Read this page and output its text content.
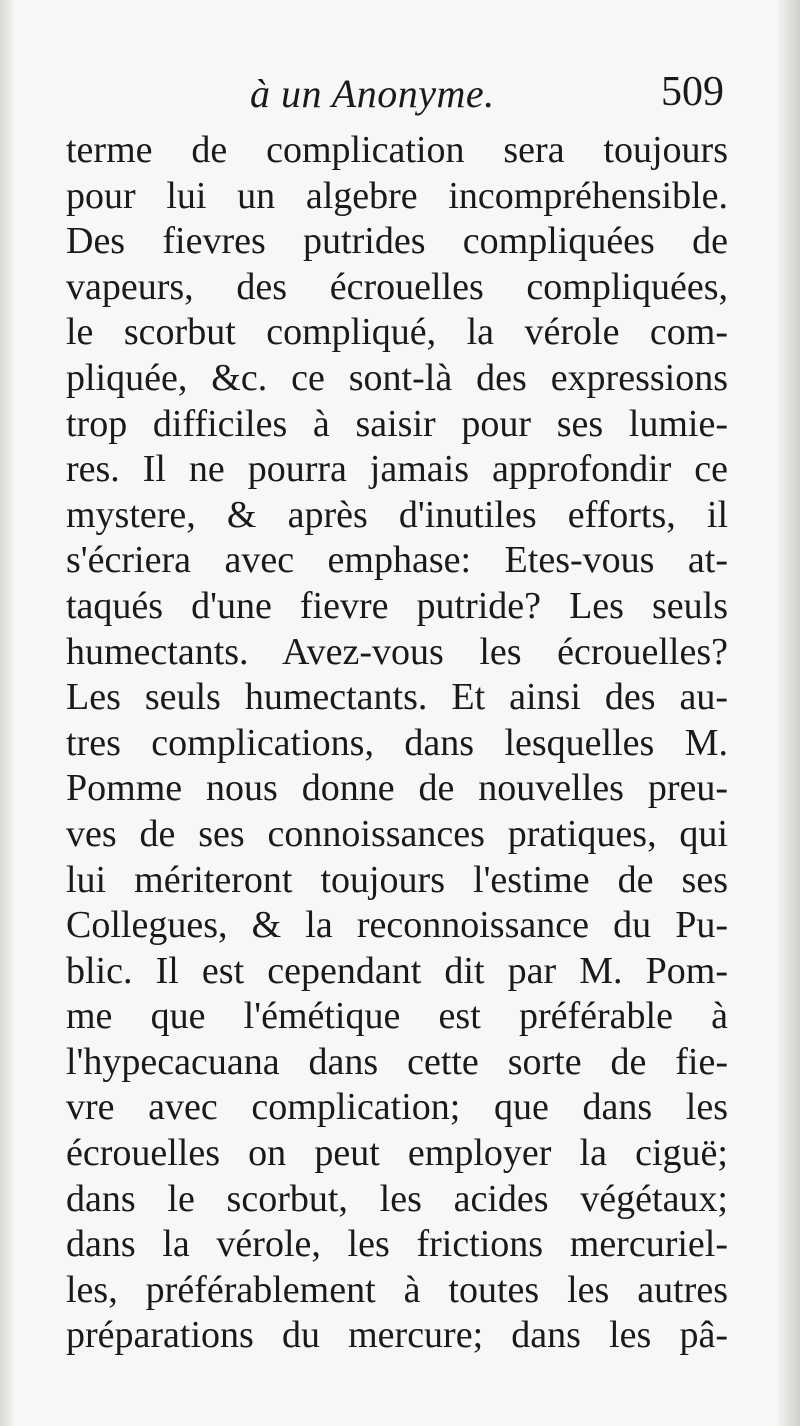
à un Anonyme.	509
terme de complication sera toujours
pour lui un algebre incompréhensible.
Des fievres putrides compliquées de
vapeurs, des écrouelles compliquées,
le scorbut compliqué, la vérole com-
pliquée, &c. ce sont-là des expressions
trop difficiles à saisir pour ses lumie-
res. Il ne pourra jamais approfondir ce
mystere, & après d'inutiles efforts, il
s'écriera avec emphase: Etes-vous at-
taqués d'une fievre putride? Les seuls
humectants. Avez-vous les écrouelles?
Les seuls humectants. Et ainsi des au-
tres complications, dans lesquelles M.
Pomme nous donne de nouvelles preu-
ves de ses connoissances pratiques, qui
lui mériteront toujours l'estime de ses
Collegues, & la reconnoissance du Pu-
blic. Il est cependant dit par M. Pom-
me que l'émétique est préférable à
l'hypecacuana dans cette sorte de fie-
vre avec complication; que dans les
écrouelles on peut employer la ciguë;
dans le scorbut, les acides végétaux;
dans la vérole, les frictions mercuriel-
les, préférablement à toutes les autres
préparations du mercure; dans les pâ-
